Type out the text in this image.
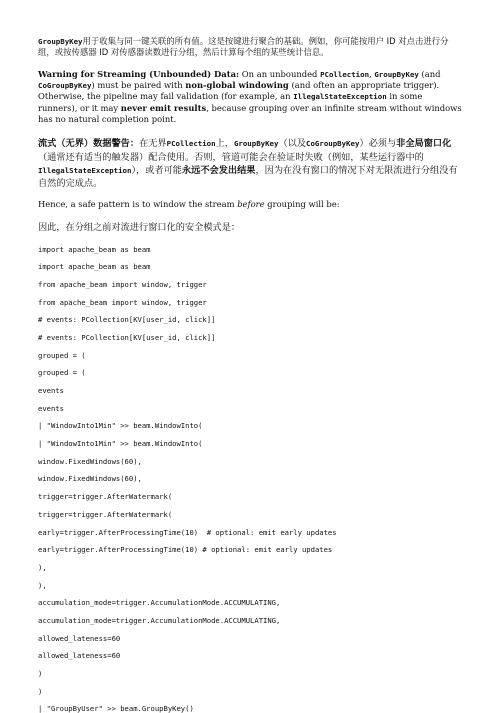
GroupByKey用于收集与同一键关联的所有值。这是按键进行聚合的基础。例如，你可能按用户 ID 对点击进行分组，或按传感器 ID 对传感器读数进行分组，然后计算每个组的某些统计信息。

Warning for Streaming (Unbounded) Data: On an unbounded PCollection, GroupByKey (and CoGroupByKey) must be paired with non-global windowing (and often an appropriate trigger). Otherwise, the pipeline may fail validation (for example, an IllegalStateException in some runners), or it may never emit results, because grouping over an infinite stream without windows has no natural completion point.

流式（无界）数据警告：在无界PCollection上，GroupByKey（以及CoGroupByKey）必须与非全局窗口化（通常还有适当的触发器）配合使用。否则，管道可能会在验证时失败（例如，某些运行器中的IllegalStateException），或者可能永远不会发出结果，因为在没有窗口的情况下对无限流进行分组没有自然的完成点。

Hence, a safe pattern is to window the stream before grouping will be:

因此，在分组之前对流进行窗口化的安全模式是：

import apache_beam as beam
import apache_beam as beam
from apache_beam import window, trigger
from apache_beam import window, trigger
# events: PCollection[KV[user_id, click]]
# events: PCollection[KV[user_id, click]]
grouped = (
grouped = (
events
events
| "WindowInto1Min" >> beam.WindowInto(
| "WindowInto1Min" >> beam.WindowInto(
window.FixedWindows(60),
window.FixedWindows(60),
trigger=trigger.AfterWatermark(
trigger=trigger.AfterWatermark(
early=trigger.AfterProcessingTime(10)  # optional: emit early updates
early=trigger.AfterProcessingTime(10) # optional: emit early updates
),
),
accumulation_mode=trigger.AccumulationMode.ACCUMULATING,
accumulation_mode=trigger.AccumulationMode.ACCUMULATING,
allowed_lateness=60
allowed_lateness=60
)
)
| "GroupByUser" >> beam.GroupByKey()
